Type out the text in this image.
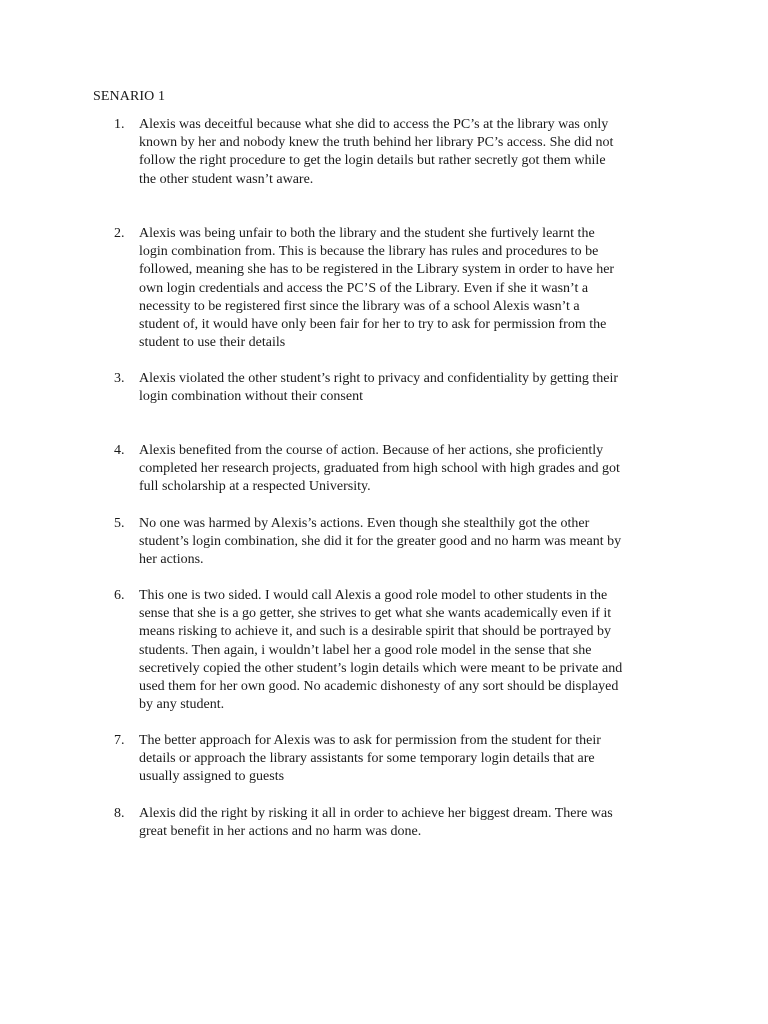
SENARIO 1
1.	Alexis was deceitful because what she did to access the PC’s at the library was only
known by her and nobody knew the truth behind her library PC’s access. She did not
follow the right procedure to get the login details but rather secretly got them while
the other student wasn’t aware.
2.	Alexis was being unfair to both the library and the student she furtively learnt the
login combination from. This is because the library has rules and procedures to be
followed, meaning she has to be registered in the Library system in order to have her
own login credentials and access the PC’S of the Library. Even if she it wasn’t a
necessity to be registered first since the library was of a school Alexis wasn’t a
student of, it would have only been fair for her to try to ask for permission from the
student to use their details
3.	Alexis violated the other student’s right to privacy and confidentiality by getting their
login combination without their consent
4.	Alexis benefited from the course of action. Because of her actions, she proficiently
completed her research projects, graduated from high school with high grades and got
full scholarship at a respected University.
5.	No one was harmed by Alexis’s actions. Even though she stealthily got the other
student’s login combination, she did it for the greater good and no harm was meant by
her actions.
6.	This one is two sided. I would call Alexis a good role model to other students in the
sense that she is a go getter, she strives to get what she wants academically even if it
means risking to achieve it, and such is a desirable spirit that should be portrayed by
students. Then again, i wouldn’t label her a good role model in the sense that she
secretively copied the other student’s login details which were meant to be private and
used them for her own good. No academic dishonesty of any sort should be displayed
by any student.
7.	The better approach for Alexis was to ask for permission from the student for their
details or approach the library assistants for some temporary login details that are
usually assigned to guests
8.	Alexis did the right by risking it all in order to achieve her biggest dream. There was
great benefit in her actions and no harm was done.
